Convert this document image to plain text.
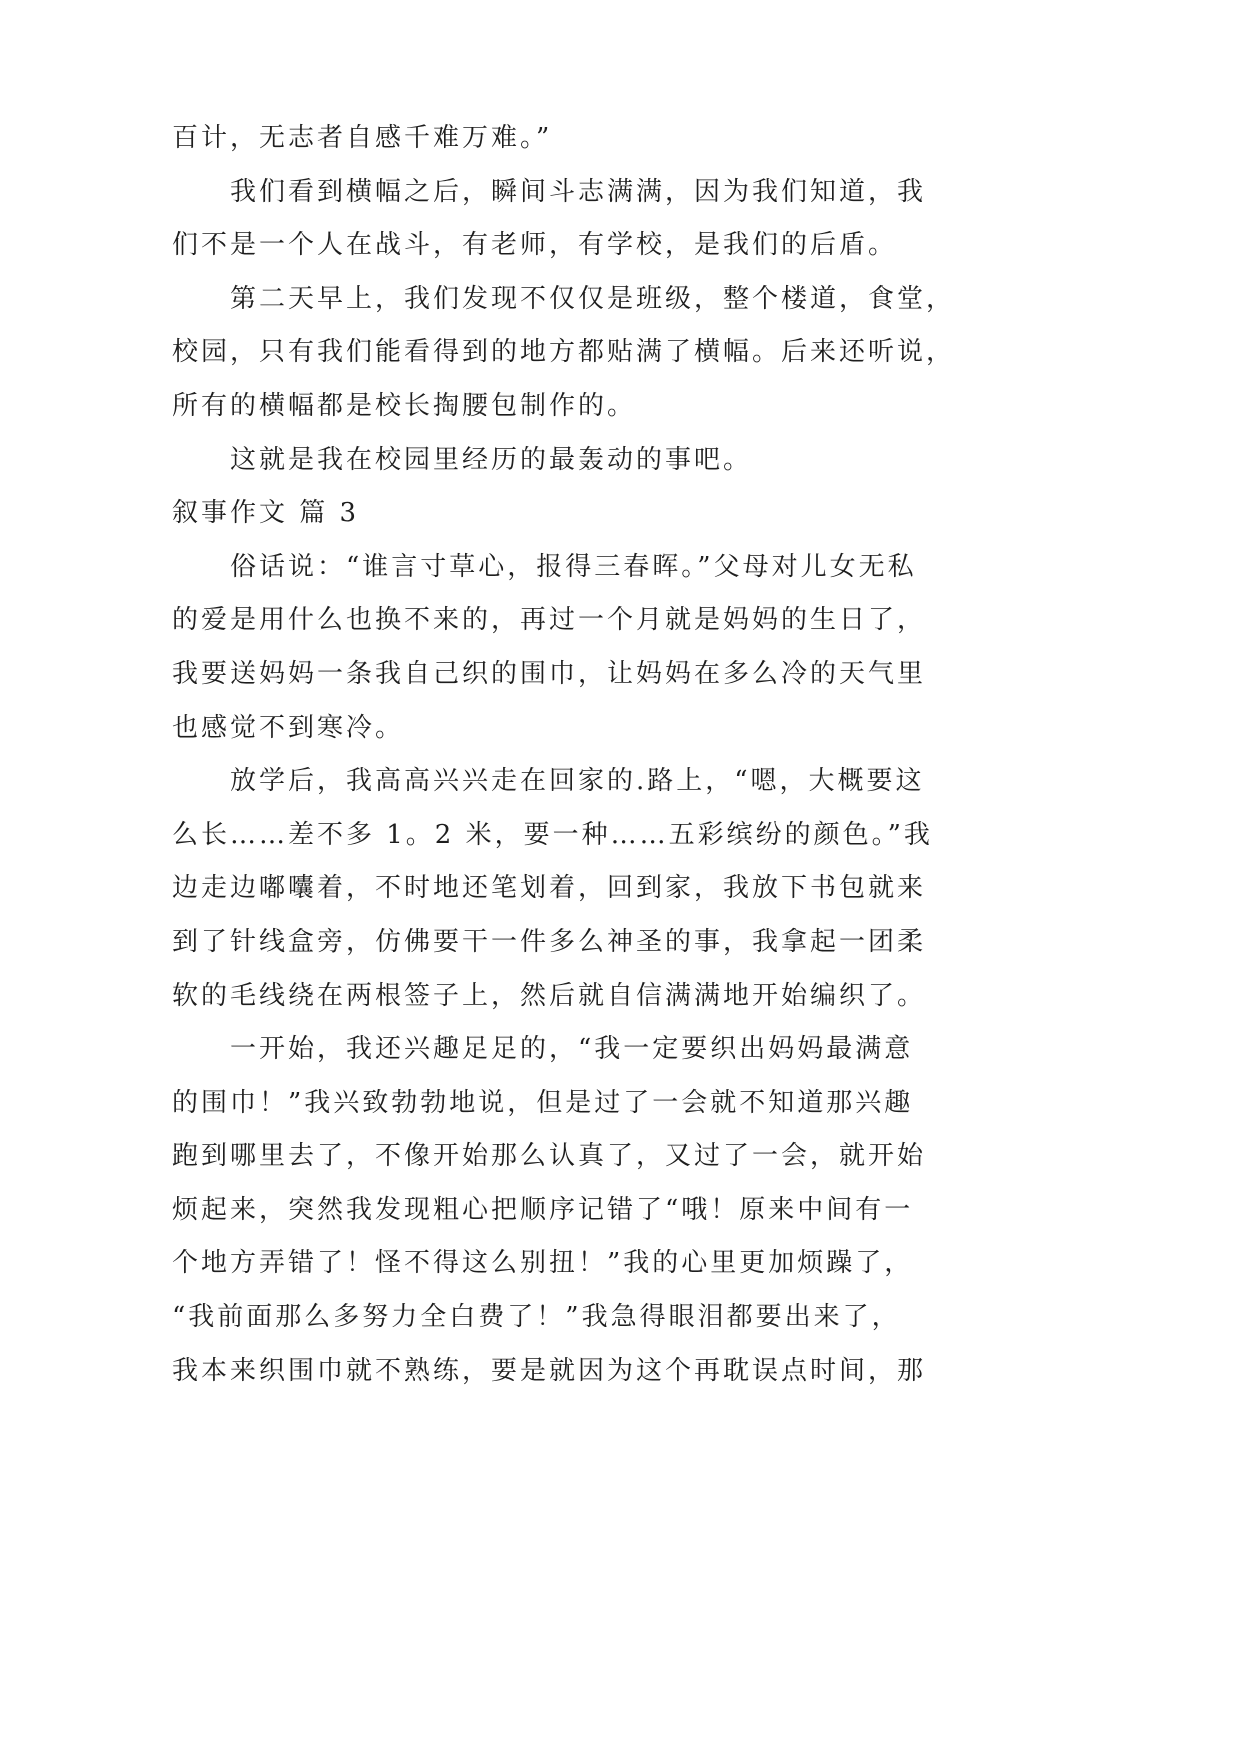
百计，无志者自感千难万难。”
我们看到横幅之后，瞬间斗志满满，因为我们知道，我
们不是一个人在战斗，有老师，有学校，是我们的后盾。
第二天早上，我们发现不仅仅是班级，整个楼道，食堂，
校园，只有我们能看得到的地方都贴满了横幅。后来还听说，
所有的横幅都是校长掏腰包制作的。
这就是我在校园里经历的最轰动的事吧。
叙事作文 篇 3
俗话说：“谁言寸草心，报得三春晖。”父母对儿女无私
的爱是用什么也换不来的，再过一个月就是妈妈的生日了，
我要送妈妈一条我自己织的围巾，让妈妈在多么冷的天气里
也感觉不到寒冷。
放学后，我高高兴兴走在回家的.路上，“嗯，大概要这
么长……差不多 1。2 米，要一种……五彩缤纷的颜色。”我
边走边嘟囔着，不时地还笔划着，回到家，我放下书包就来
到了针线盒旁，仿佛要干一件多么神圣的事，我拿起一团柔
软的毛线绕在两根签子上，然后就自信满满地开始编织了。
一开始，我还兴趣足足的，“我一定要织出妈妈最满意
的围巾！”我兴致勃勃地说，但是过了一会就不知道那兴趣
跑到哪里去了，不像开始那么认真了，又过了一会，就开始
烦起来，突然我发现粗心把顺序记错了“哦！原来中间有一
个地方弄错了！怪不得这么别扭！”我的心里更加烦躁了，
“我前面那么多努力全白费了！”我急得眼泪都要出来了，
我本来织围巾就不熟练，要是就因为这个再耽误点时间，那
